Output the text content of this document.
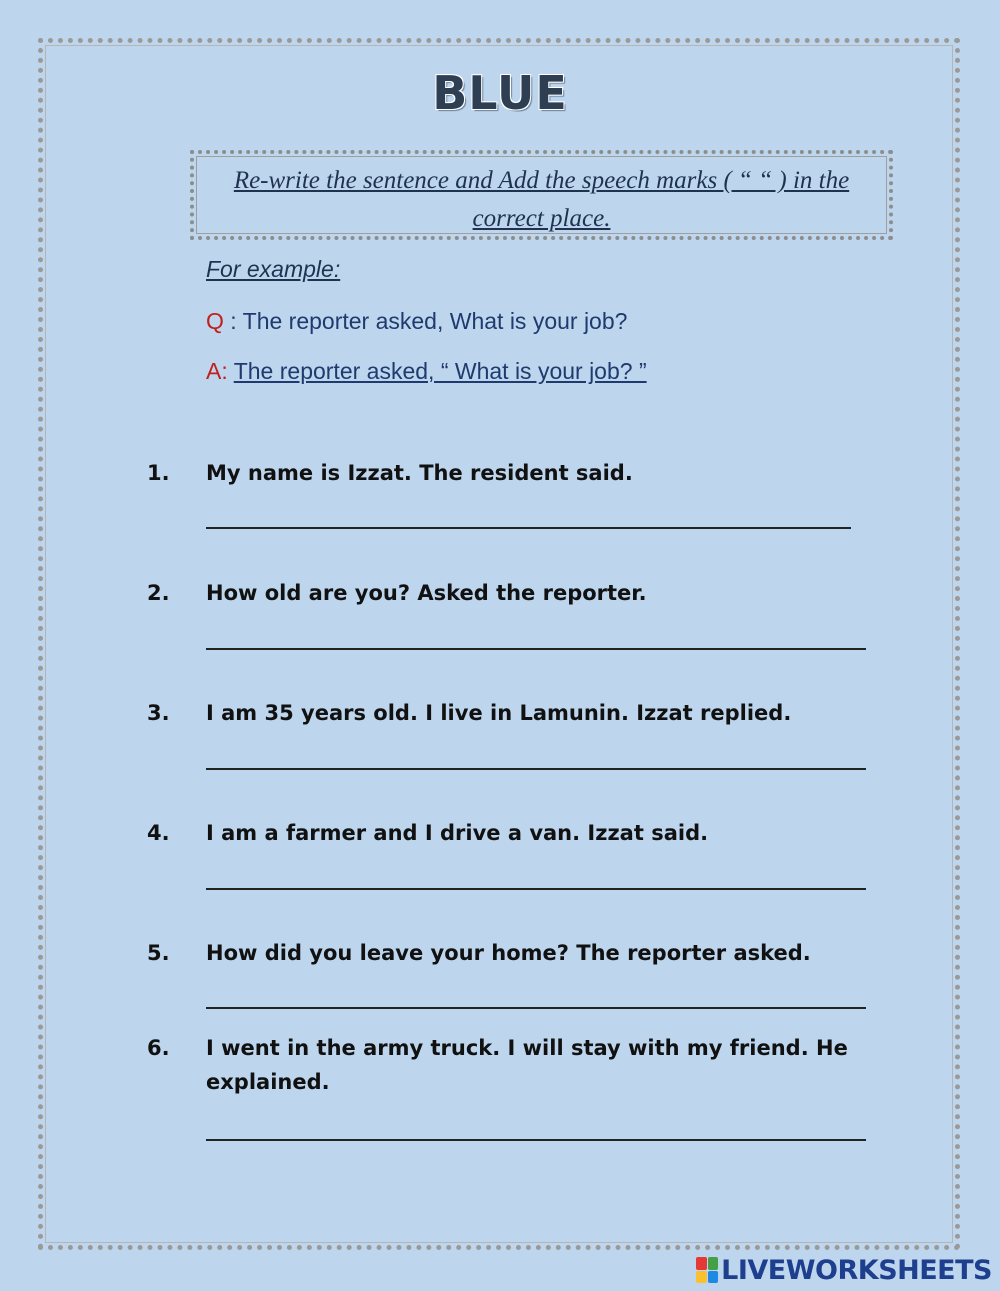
BLUE
Re-write the sentence and Add the speech marks ( “ “ ) in the correct place.
For example:
Q : The reporter asked, What is your job?
A: The reporter asked, “ What is your job? ”
1. My name is Izzat. The resident said.
2. How old are you? Asked the reporter.
3. I am 35 years old. I live in Lamunin. Izzat replied.
4. I am a farmer and I drive a van. Izzat said.
5. How did you leave your home? The reporter asked.
6. I went in the army truck. I will stay with my friend. He explained.
LIVEWORKSHEETS
